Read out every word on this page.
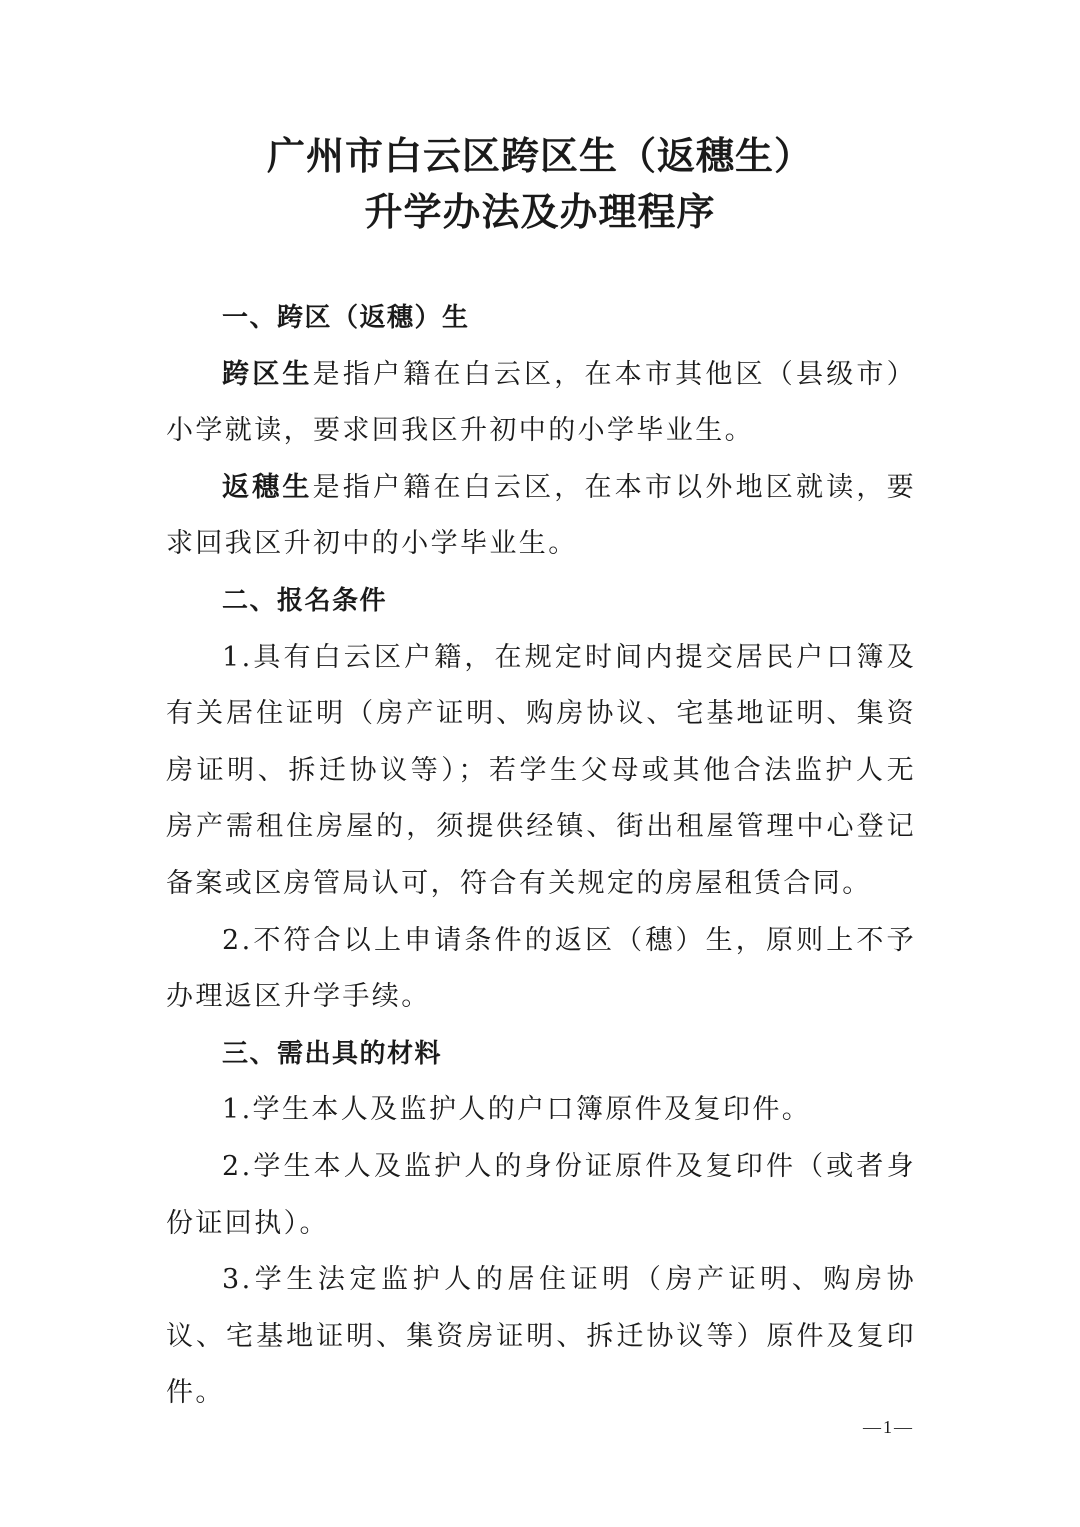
广州市白云区跨区生（返穗生）
升学办法及办理程序
一、跨区（返穗）生

跨区生是指户籍在白云区，在本市其他区（县级市）小学就读，要求回我区升初中的小学毕业生。

返穗生是指户籍在白云区，在本市以外地区就读，要求回我区升初中的小学毕业生。

二、报名条件

1.具有白云区户籍，在规定时间内提交居民户口簿及有关居住证明（房产证明、购房协议、宅基地证明、集资房证明、拆迁协议等）；若学生父母或其他合法监护人无房产需租住房屋的，须提供经镇、街出租屋管理中心登记备案或区房管局认可，符合有关规定的房屋租赁合同。

2.不符合以上申请条件的返区（穗）生，原则上不予办理返区升学手续。

三、需出具的材料

1.学生本人及监护人的户口簿原件及复印件。

2.学生本人及监护人的身份证原件及复印件（或者身份证回执）。

3.学生法定监护人的居住证明（房产证明、购房协议、宅基地证明、集资房证明、拆迁协议等）原件及复印件。

—1—
